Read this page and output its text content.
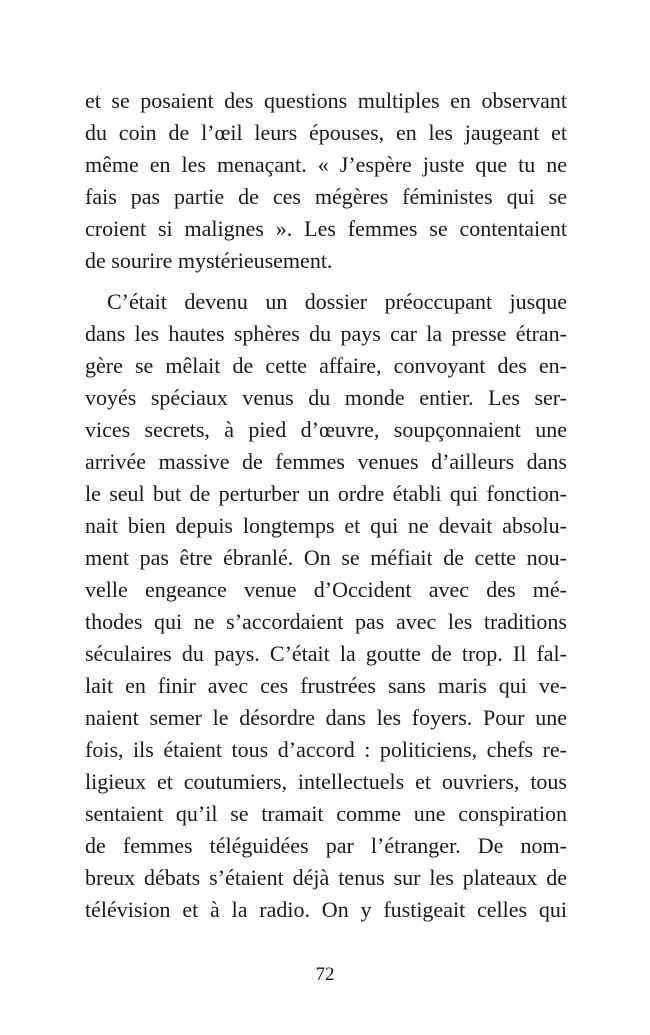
et se posaient des questions multiples en observant
du coin de l’œil leurs épouses, en les jaugeant et
même en les menaçant. « J’espère juste que tu ne
fais pas partie de ces mégères féministes qui se
croient si malignes ». Les femmes se contentaient
de sourire mystérieusement.
C’était devenu un dossier préoccupant jusque
dans les hautes sphères du pays car la presse étran-
gère se mêlait de cette affaire, convoyant des en-
voyés spéciaux venus du monde entier. Les ser-
vices secrets, à pied d’œuvre, soupçonnaient une
arrivée massive de femmes venues d’ailleurs dans
le seul but de perturber un ordre établi qui fonction-
nait bien depuis longtemps et qui ne devait absolu-
ment pas être ébranlé. On se méfiait de cette nou-
velle engeance venue d’Occident avec des mé-
thodes qui ne s’accordaient pas avec les traditions
séculaires du pays. C’était la goutte de trop. Il fal-
lait en finir avec ces frustrées sans maris qui ve-
naient semer le désordre dans les foyers. Pour une
fois, ils étaient tous d’accord : politiciens, chefs re-
ligieux et coutumiers, intellectuels et ouvriers, tous
sentaient qu’il se tramait comme une conspiration
de femmes téléguidées par l’étranger. De nom-
breux débats s’étaient déjà tenus sur les plateaux de
télévision et à la radio. On y fustigeait celles qui
72
